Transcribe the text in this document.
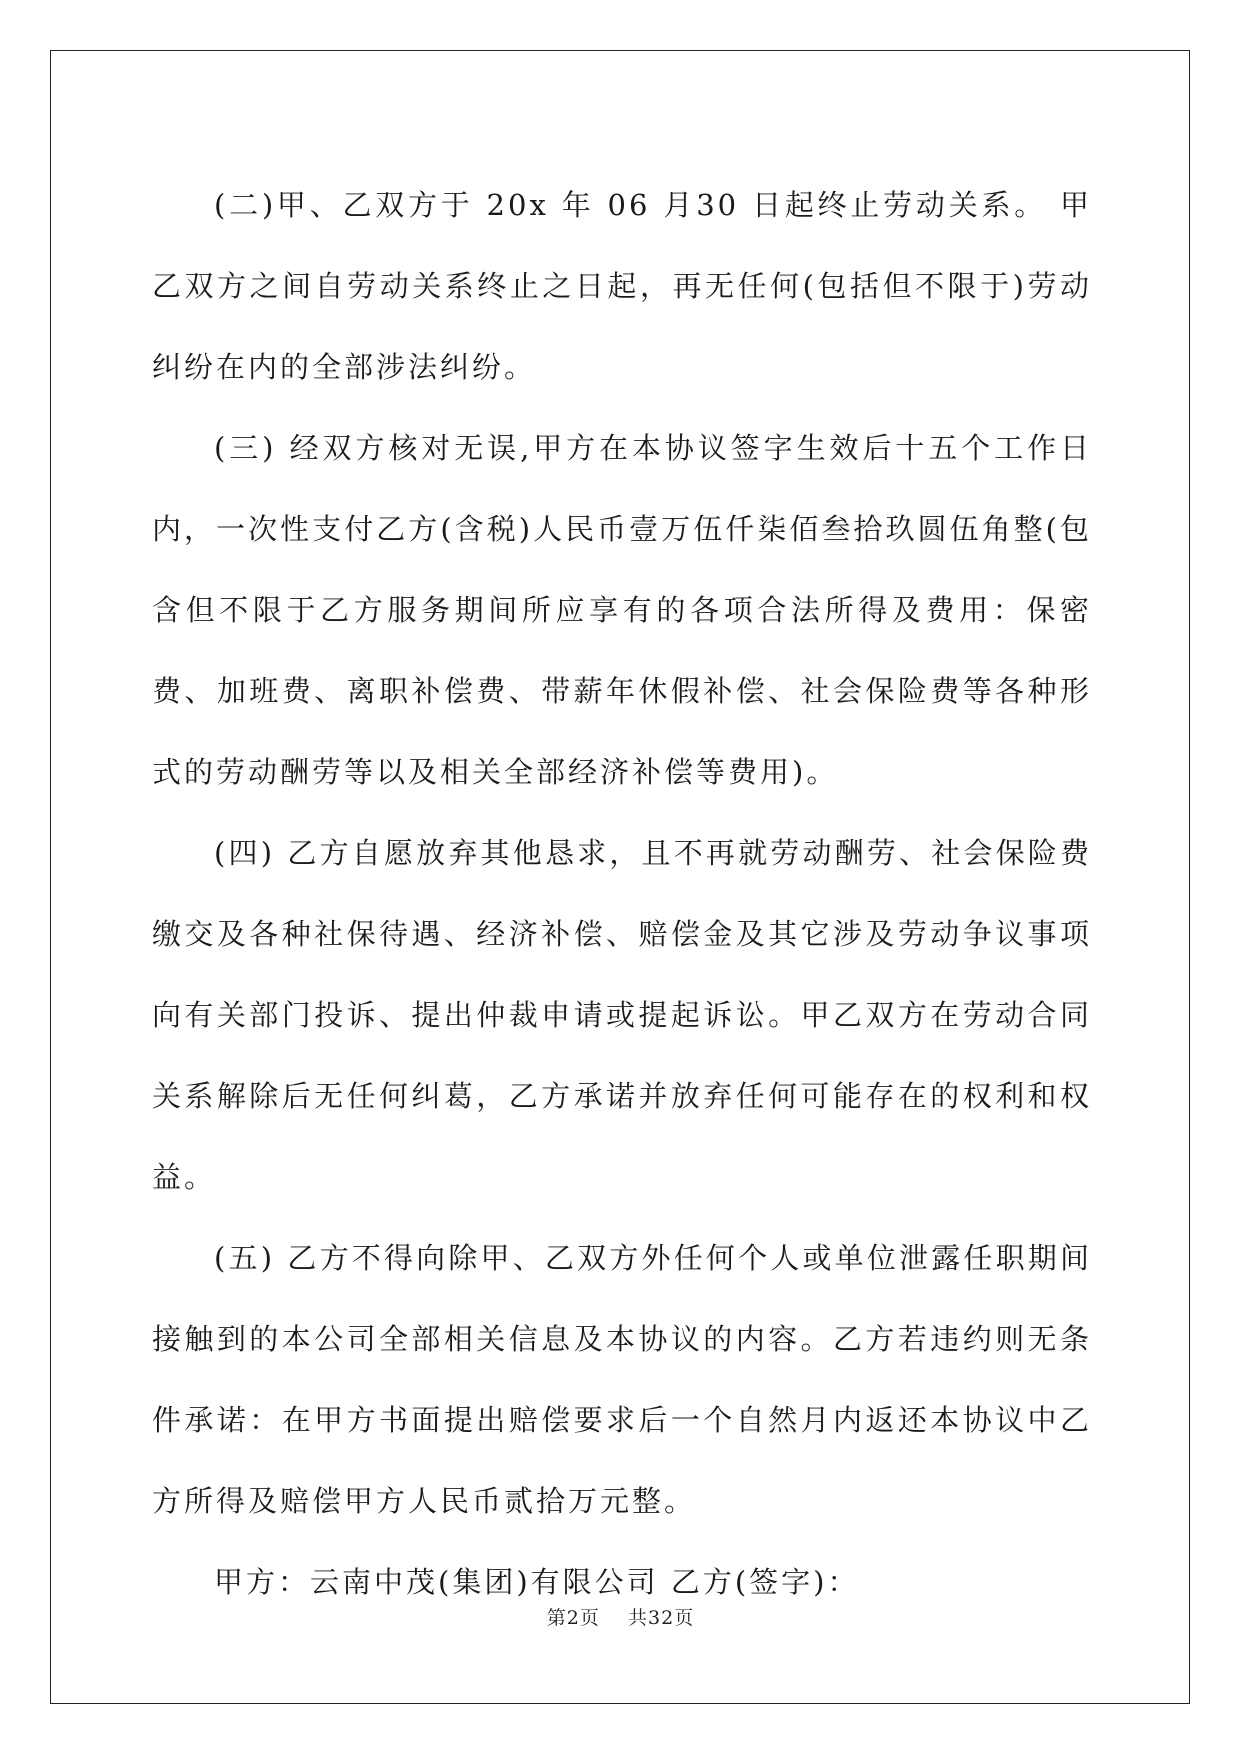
(二)甲、乙双方于 20x 年 06 月30 日起终止劳动关系。 甲乙双方之间自劳动关系终止之日起，再无任何(包括但不限于)劳动纠纷在内的全部涉法纠纷。

(三) 经双方核对无误,甲方在本协议签字生效后十五个工作日内，一次性支付乙方(含税)人民币壹万伍仟柒佰叁拾玖圆伍角整(包含但不限于乙方服务期间所应享有的各项合法所得及费用：保密费、加班费、离职补偿费、带薪年休假补偿、社会保险费等各种形式的劳动酬劳等以及相关全部经济补偿等费用)。

(四) 乙方自愿放弃其他恳求，且不再就劳动酬劳、社会保险费缴交及各种社保待遇、经济补偿、赔偿金及其它涉及劳动争议事项向有关部门投诉、提出仲裁申请或提起诉讼。甲乙双方在劳动合同关系解除后无任何纠葛，乙方承诺并放弃任何可能存在的权利和权益。

(五) 乙方不得向除甲、乙双方外任何个人或单位泄露任职期间接触到的本公司全部相关信息及本协议的内容。乙方若违约则无条件承诺：在甲方书面提出赔偿要求后一个自然月内返还本协议中乙方所得及赔偿甲方人民币贰拾万元整。

甲方：云南中茂(集团)有限公司 乙方(签字)：

第2页 共32页
